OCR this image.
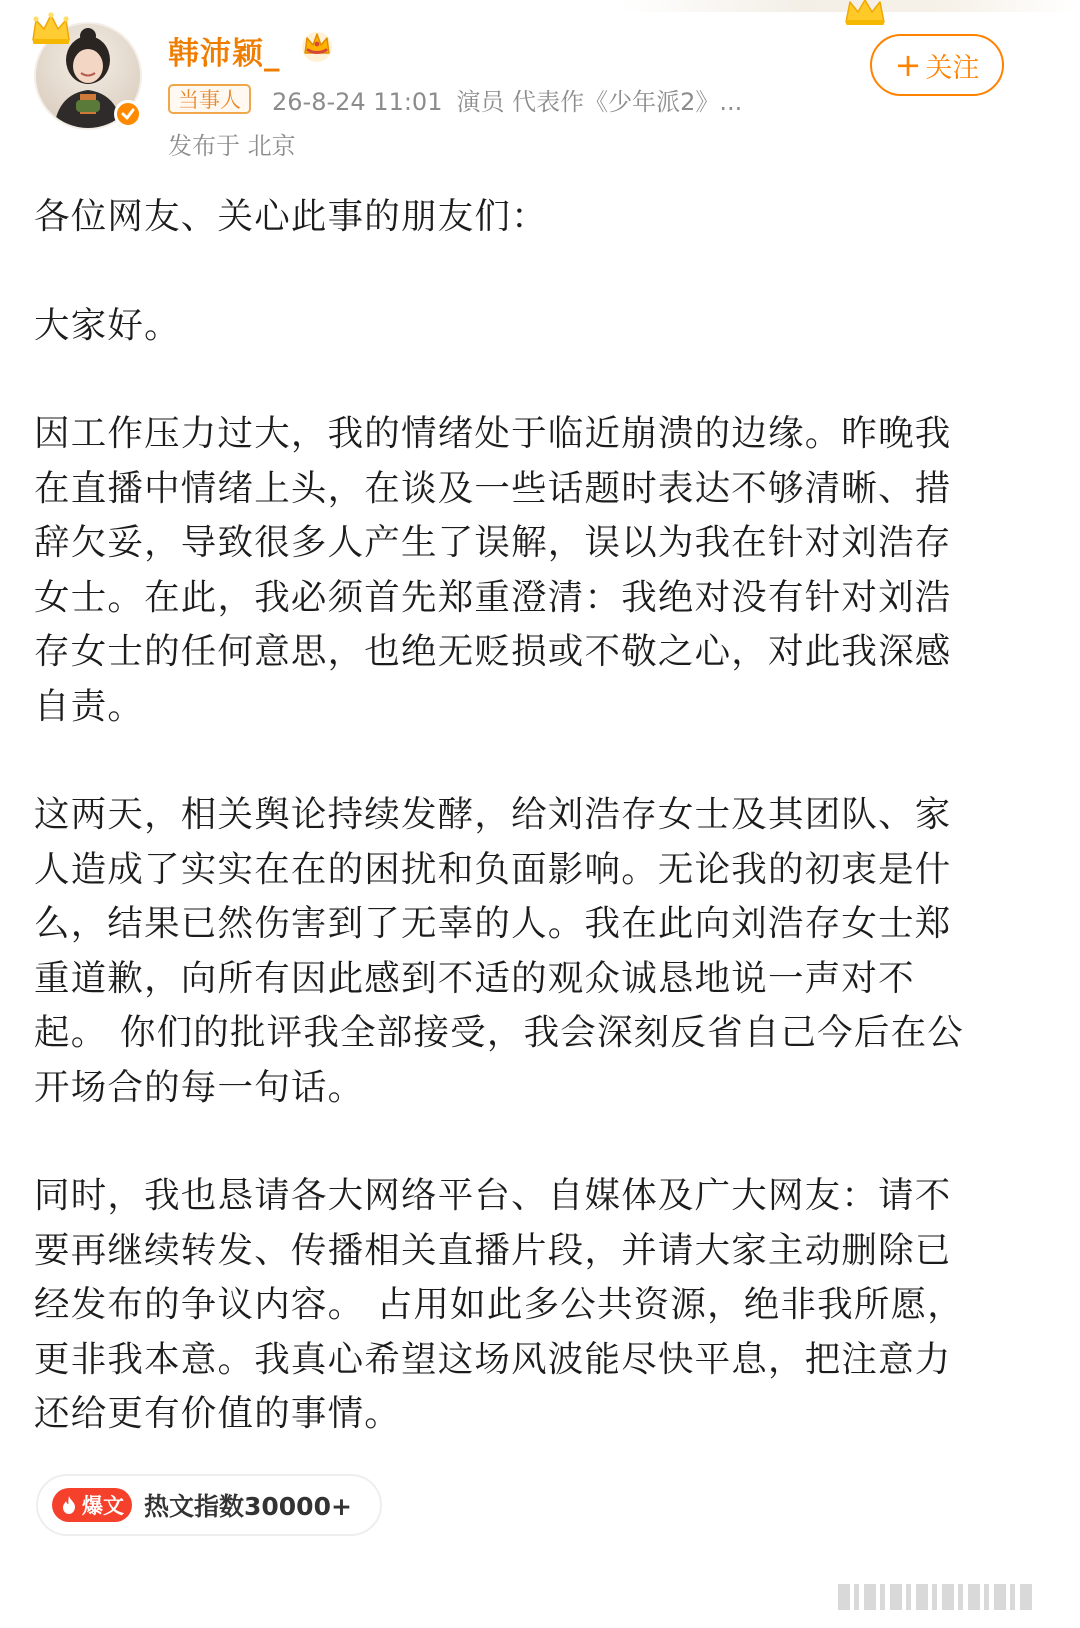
韩沛颖_
当事人	26-8-24 11:01 演员 代表作《少年派2》...
发布于 北京
+ 关注

各位网友、关心此事的朋友们：

大家好。

因工作压力过大，我的情绪处于临近崩溃的边缘。昨晚我
在直播中情绪上头，在谈及一些话题时表达不够清晰、措
辞欠妥，导致很多人产生了误解，误以为我在针对刘浩存
女士。在此，我必须首先郑重澄清：我绝对没有针对刘浩
存女士的任何意思，也绝无贬损或不敬之心，对此我深感
自责。

这两天，相关舆论持续发酵，给刘浩存女士及其团队、家
人造成了实实在在的困扰和负面影响。无论我的初衷是什
么，结果已然伤害到了无辜的人。我在此向刘浩存女士郑
重道歉，向所有因此感到不适的观众诚恳地说一声对不
起。 你们的批评我全部接受，我会深刻反省自己今后在公
开场合的每一句话。

同时，我也恳请各大网络平台、自媒体及广大网友：请不
要再继续转发、传播相关直播片段，并请大家主动删除已
经发布的争议内容。 占用如此多公共资源，绝非我所愿，
更非我本意。我真心希望这场风波能尽快平息，把注意力
还给更有价值的事情。

爆文 热文指数30000+
